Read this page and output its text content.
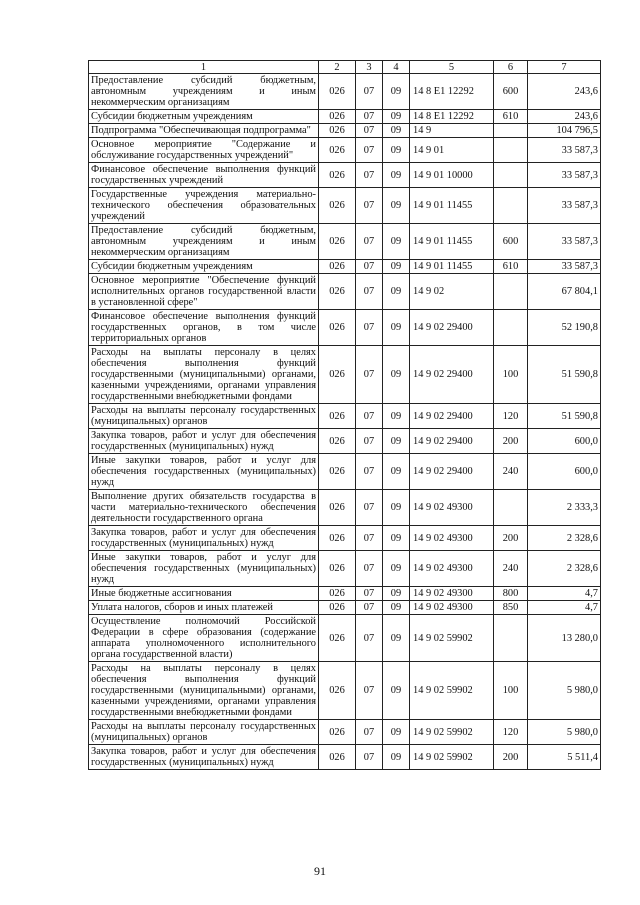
1	2	3	4	5	6	7
Предоставление субсидий бюджетным, автономным учреждениям и иным некоммерческим организациям	026	07	09	14 8 E1 12292	600	243,6
Субсидии бюджетным учреждениям	026	07	09	14 8 E1 12292	610	243,6
Подпрограмма "Обеспечивающая подпрограмма"	026	07	09	14 9		104 796,5
Основное мероприятие "Содержание и обслуживание государственных учреждений"	026	07	09	14 9 01		33 587,3
Финансовое обеспечение выполнения функций государственных учреждений	026	07	09	14 9 01 10000		33 587,3
Государственные учреждения материально-технического обеспечения образовательных учреждений	026	07	09	14 9 01 11455		33 587,3
Предоставление субсидий бюджетным, автономным учреждениям и иным некоммерческим организациям	026	07	09	14 9 01 11455	600	33 587,3
Субсидии бюджетным учреждениям	026	07	09	14 9 01 11455	610	33 587,3
Основное мероприятие "Обеспечение функций исполнительных органов государственной власти в установленной сфере"	026	07	09	14 9 02		67 804,1
Финансовое обеспечение выполнения функций государственных органов, в том числе территориальных органов	026	07	09	14 9 02 29400		52 190,8
Расходы на выплаты персоналу в целях обеспечения выполнения функций государственными (муниципальными) органами, казенными учреждениями, органами управления государственными внебюджетными фондами	026	07	09	14 9 02 29400	100	51 590,8
Расходы на выплаты персоналу государственных (муниципальных) органов	026	07	09	14 9 02 29400	120	51 590,8
Закупка товаров, работ и услуг для обеспечения государственных (муниципальных) нужд	026	07	09	14 9 02 29400	200	600,0
Иные закупки товаров, работ и услуг для обеспечения государственных (муниципальных) нужд	026	07	09	14 9 02 29400	240	600,0
Выполнение других обязательств государства в части материально-технического обеспечения деятельности государственного органа	026	07	09	14 9 02 49300		2 333,3
Закупка товаров, работ и услуг для обеспечения государственных (муниципальных) нужд	026	07	09	14 9 02 49300	200	2 328,6
Иные закупки товаров, работ и услуг для обеспечения государственных (муниципальных) нужд	026	07	09	14 9 02 49300	240	2 328,6
Иные бюджетные ассигнования	026	07	09	14 9 02 49300	800	4,7
Уплата налогов, сборов и иных платежей	026	07	09	14 9 02 49300	850	4,7
Осуществление полномочий Российской Федерации в сфере образования (содержание аппарата уполномоченного исполнительного органа государственной власти)	026	07	09	14 9 02 59902		13 280,0
Расходы на выплаты персоналу в целях обеспечения выполнения функций государственными (муниципальными) органами, казенными учреждениями, органами управления государственными внебюджетными фондами	026	07	09	14 9 02 59902	100	5 980,0
Расходы на выплаты персоналу государственных (муниципальных) органов	026	07	09	14 9 02 59902	120	5 980,0
Закупка товаров, работ и услуг для обеспечения государственных (муниципальных) нужд	026	07	09	14 9 02 59902	200	5 511,4
91
